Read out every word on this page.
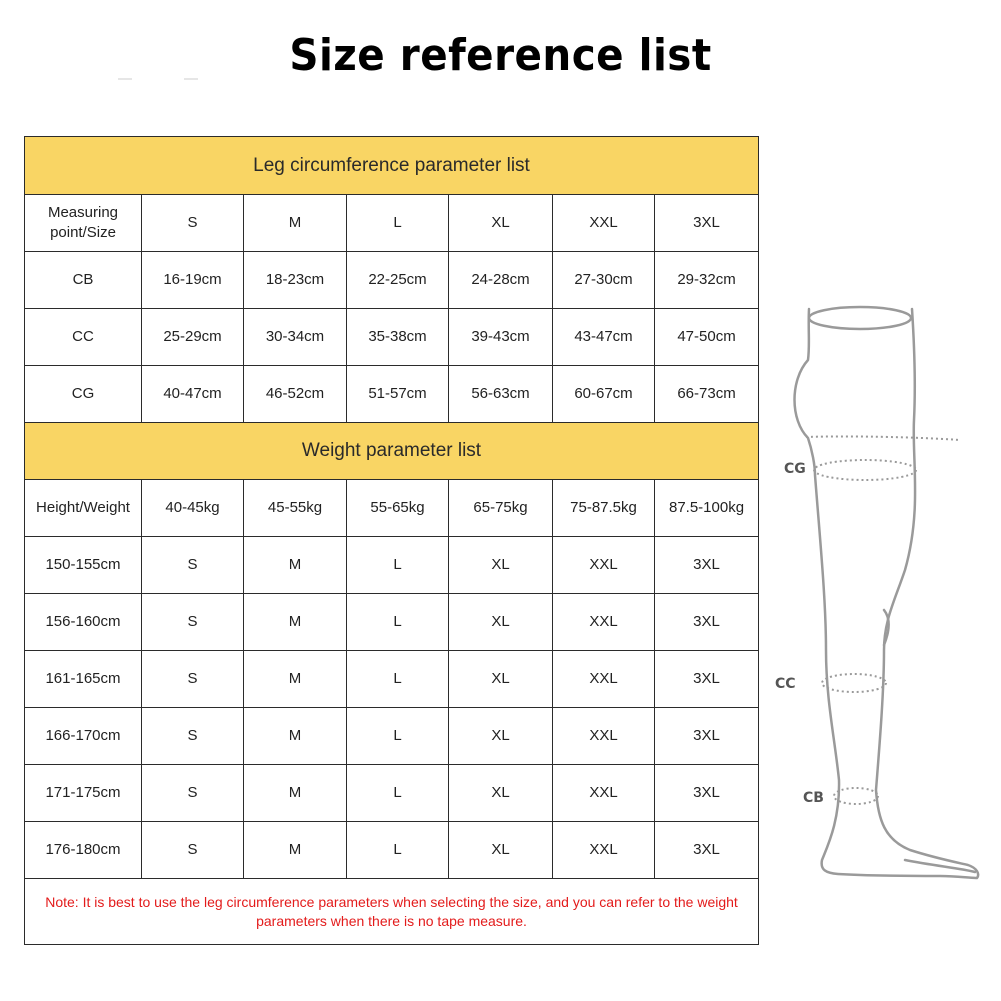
Size reference list
Leg circumference parameter list						
Measuring point/Size	S	M	L	XL	XXL	3XL
CB	16-19cm	18-23cm	22-25cm	24-28cm	27-30cm	29-32cm
CC	25-29cm	30-34cm	35-38cm	39-43cm	43-47cm	47-50cm
CG	40-47cm	46-52cm	51-57cm	56-63cm	60-67cm	66-73cm
Weight parameter list						
Height/Weight	40-45kg	45-55kg	55-65kg	65-75kg	75-87.5kg	87.5-100kg
150-155cm	S	M	L	XL	XXL	3XL
156-160cm	S	M	L	XL	XXL	3XL
161-165cm	S	M	L	XL	XXL	3XL
166-170cm	S	M	L	XL	XXL	3XL
171-175cm	S	M	L	XL	XXL	3XL
176-180cm	S	M	L	XL	XXL	3XL
Note: It is best to use the leg circumference parameters when selecting the size, and you can refer to the weight parameters when there is no tape measure.						
CG
CC
CB
